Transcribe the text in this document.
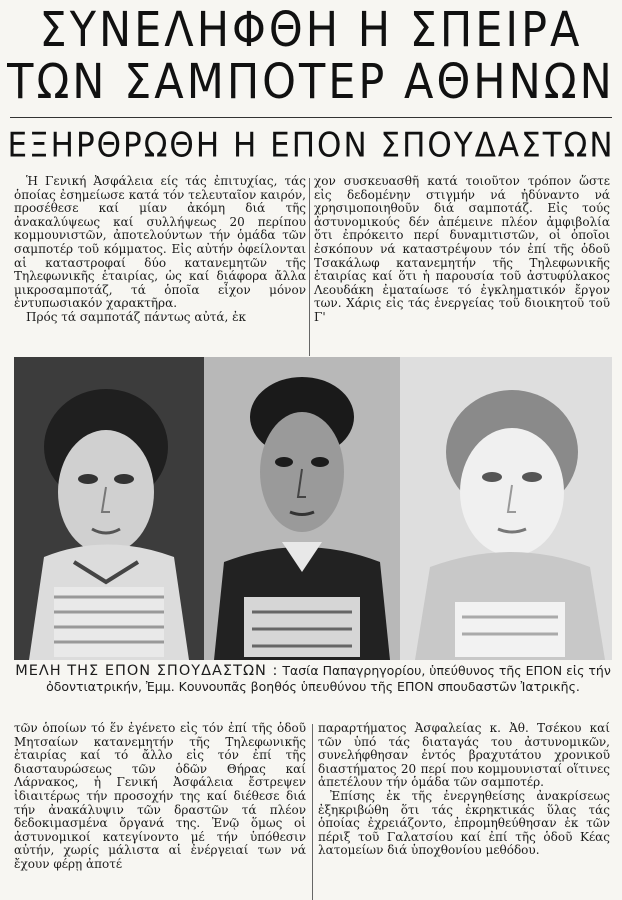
ΣΥΝΕΛΗΦΘΗ Η ΣΠΕΙΡΑ
ΤΩΝ ΣΑΜΠΟΤΕΡ ΑΘΗΝΩΝ
ΕΞΗΡΘΡΩΘΗ Η ΕΠΟΝ ΣΠΟΥΔΑΣΤΩΝ

Ἡ Γενική Ἀσφάλεια είς τάς ἐπιτυχίας, τάς ὁποίας ἐσημείωσε κατά τόν τελευταῖον καιρόν, προσέθεσε καί μίαν ἀκόμη διά τῆς ἀνακαλύψεως καί συλλήψεως 20 περίπου κομμουνιστῶν, ἀποτελούντων τήν ὁμάδα τῶν σαμποτέρ τοῦ κόμματος. Εἰς αὐτήν ὀφείλονται αἱ καταστροφαί δύο κατανεμητῶν τῆς Τηλεφωνικῆς ἑταιρίας, ὡς καί διάφορα ἄλλα μικροσαμποτάζ, τά ὁποῖα εἶχον μόνον ἐντυπωσιακόν χαρακτῆρα.

Πρός τά σαμποτάζ πάντως αὐτά, ἐκ

χον συσκευασθῆ κατά τοιοῦτον τρόπον ὥστε εἰς δεδομένην στιγμήν νά ἠδύναντο νά χρησιμοποιηθοῦν διά σαμποτάζ. Εἰς τούς ἀστυνομικούς δέν ἀπέμεινε πλέον ἀμφιβολία ὅτι ἐπρόκειτο περί δυναμιτιστῶν, οἱ ὁποῖοι ἐσκόπουν νά καταστρέψουν τόν ἐπί τῆς ὁδοῦ Τσακάλωφ κατανεμητήν τῆς Τηλεφωνικῆς ἑταιρίας καί ὅτι ἡ παρουσία τοῦ ἀστυφύλακος Λεουδάκη ἐματαίωσε τό ἐγκληματικόν ἔργον των. Χάρις εἰς τάς ἐνεργείας τοῦ διοικητοῦ τοῦ Γ'

ΜΕΛΗ ΤΗΣ ΕΠΟΝ ΣΠΟΥΔΑΣΤΩΝ : Τασία Παπαγρηγορίου, ὑπεύθυνος τῆς ΕΠΟΝ εἰς τήν ὀδοντιατρικήν, Ἐμμ. Κουνουπᾶς βοηθός ὑπευθύνου τῆς ΕΠΟΝ σπουδαστῶν Ἰατρικῆς.

τῶν ὁποίων τό ἕν ἐγένετο εἰς τόν ἐπί τῆς ὁδοῦ Μητσαίων κατανεμητήν τῆς Τηλεφωνικῆς ἑταιρίας καί τό ἄλλο εἰς τόν ἐπί τῆς διασταυρώσεως τῶν ὁδῶν Θήρας καί Λάρνακος, ἡ Γενική Ἀσφάλεια ἔστρεψεν ἰδιαιτέρως τήν προσοχήν της καί διέθεσε διά τήν ἀνακάλυψιν τῶν δραστῶν τά πλέον δεδοκιμασμένα ὄργανά της. Ἐνῷ ὅμως οἱ ἀστυνομικοί κατεγίνοντο μέ τήν ὑπόθεσιν αὐτήν, χωρίς μάλιστα αἱ ἐνέργειαί των νά ἔχουν φέρῃ ἀποτέ

παραρτήματος Ἀσφαλείας κ. Ἀθ. Τσέκου καί τῶν ὑπό τάς διαταγάς του ἀστυνομικῶν, συνελήφθησαν ἐντός βραχυτάτου χρονικοῦ διαστήματος 20 περί που κομμουνισταί οἵτινες ἀπετέλουν τήν ὁμάδα τῶν σαμποτέρ.

Ἐπίσης ἐκ τῆς ἐνεργηθείσης ἀνακρίσεως ἐξηκριβώθη ὅτι τάς ἐκρηκτικάς ὕλας τάς ὁποίας ἐχρειάζοντο, ἐπρομηθεύθησαν ἐκ τῶν πέριξ τοῦ Γαλατσίου καί ἐπί τῆς ὁδοῦ Κέας λατομείων διά ὑποχθονίου μεθόδου.
